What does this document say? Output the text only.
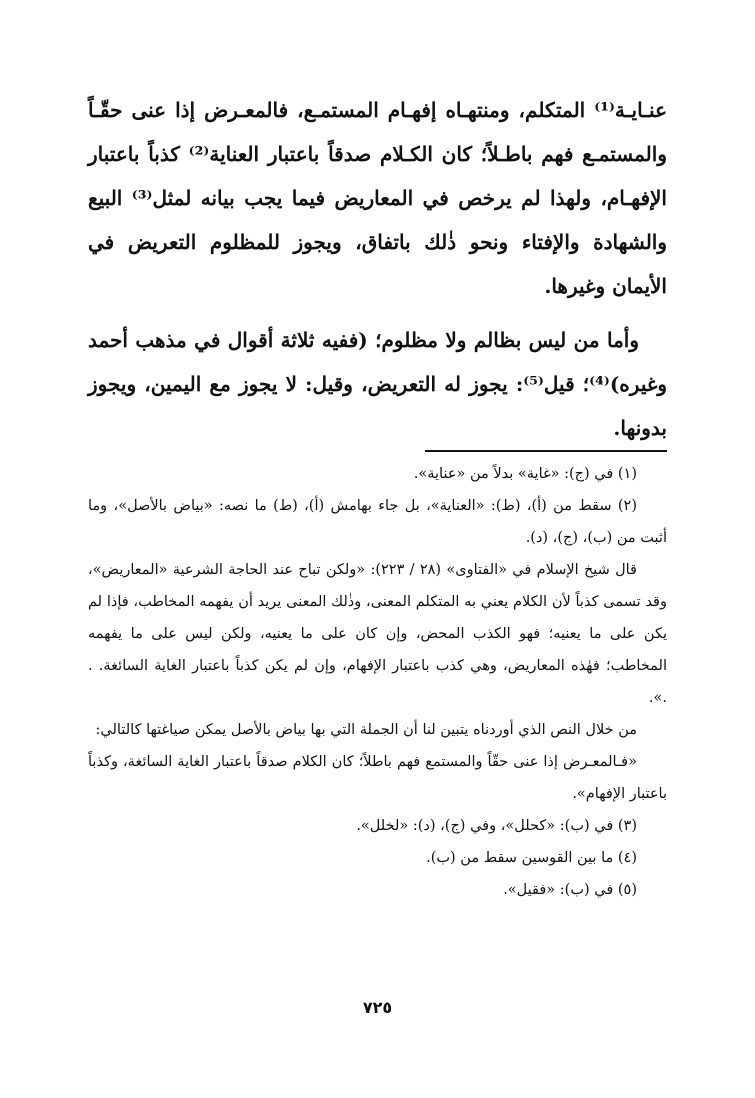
عنـايـة⁽¹⁾ المتكلم، ومنتهـاه إفهـام المستمـع، فالمعـرض إذا عنى حقّـاً والمستمـع فهم باطـلاً؛ كان الكـلام صدقاً باعتبار العناية⁽²⁾ كذباً باعتبار الإفهـام، ولهذا لم يرخص في المعاريض فيما يجب بيانه لمثل⁽³⁾ البيع والشهادة والإفتاء ونحو ذٰلك باتفاق، ويجوز للمظلوم التعريض في الأيمان وغيرها.

وأما من ليس بظالم ولا مظلوم؛ (ففيه ثلاثة أقوال في مذهب أحمد وغيره)⁽⁴⁾؛ قيل⁽⁵⁾: يجوز له التعريض، وقيل: لا يجوز مع اليمين، ويجوز بدونها.

(١) في (ج): «غاية» بدلاً من «عناية».

(٢) سقط من (أ)، (ط): «العناية»، بل جاء بهامش (أ)، (ط) ما نصه: «بياض بالأصل»، وما أثبت من (ب)، (ج)، (د).

قال شيخ الإسلام في «الفتاوى» (٢٨ / ٢٢٣): «ولكن تباح عند الحاجة الشرعية «المعاريض»، وقد تسمى كذباً لأن الكلام يعني به المتكلم المعنى، وذٰلك المعنى يريد أن يفهمه المخاطب، فإذا لم يكن على ما يعنيه؛ فهو الكذب المحض، وإن كان على ما يعنيه، ولكن ليس على ما يفهمه المخاطب؛ فهٰذه المعاريض، وهي كذب باعتبار الإفهام، وإن لم يكن كذباً باعتبار الغاية السائغة. . .».

من خلال النص الذي أوردناه يتبين لنا أن الجملة التي بها بياض بالأصل يمكن صياغتها كالتالي:

«فـالمعـرض إذا عنى حقّاً والمستمع فهم باطلاً؛ كان الكلام صدقاً باعتبار الغاية السائغة، وكذباً باعتبار الإفهام».

(٣) في (ب): «كحلل»، وفي (ج)، (د): «لخلل».

(٤) ما بين القوسين سقط من (ب).

(٥) في (ب): «فقيل».

٧٢٥
